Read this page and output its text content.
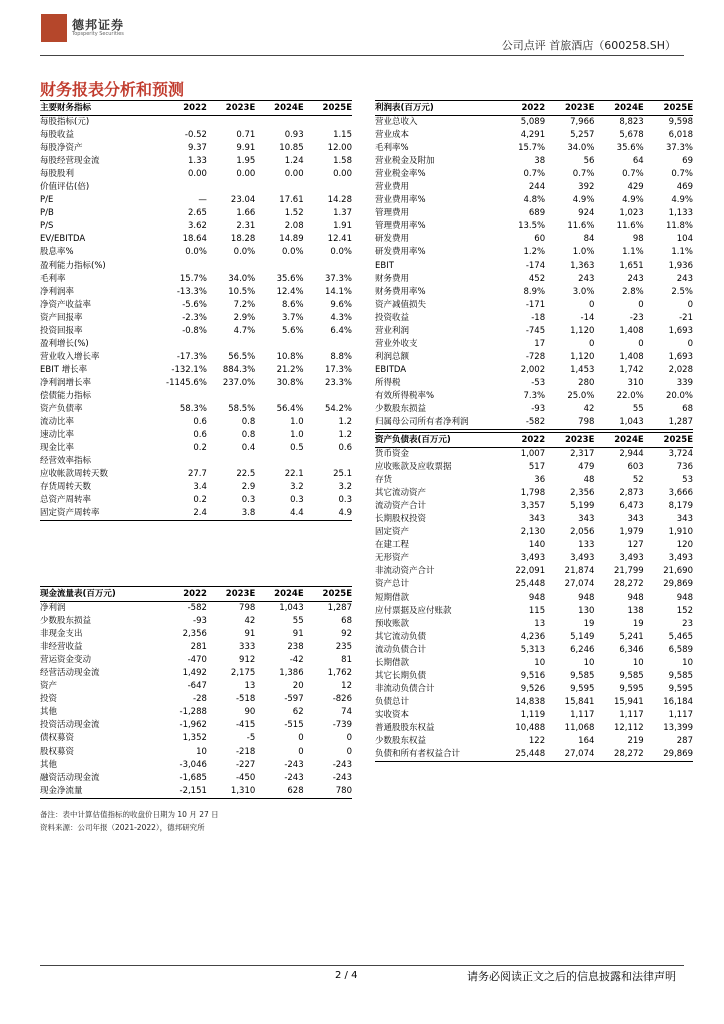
德邦证券
Topsperity Securities
公司点评 首旅酒店（600258.SH）
财务报表分析和预测
主要财务指标	2022	2023E	2024E	2025E
每股指标(元)				
每股收益	-0.52	0.71	0.93	1.15
每股净资产	9.37	9.91	10.85	12.00
每股经营现金流	1.33	1.95	1.24	1.58
每股股利	0.00	0.00	0.00	0.00
价值评估(倍)				
P/E	—	23.04	17.61	14.28
P/B	2.65	1.66	1.52	1.37
P/S	3.62	2.31	2.08	1.91
EV/EBITDA	18.64	18.28	14.89	12.41
股息率%	0.0%	0.0%	0.0%	0.0%
盈利能力指标(%)				
毛利率	15.7%	34.0%	35.6%	37.3%
净利润率	-13.3%	10.5%	12.4%	14.1%
净资产收益率	-5.6%	7.2%	8.6%	9.6%
资产回报率	-2.3%	2.9%	3.7%	4.3%
投资回报率	-0.8%	4.7%	5.6%	6.4%
盈利增长(%)				
营业收入增长率	-17.3%	56.5%	10.8%	8.8%
EBIT 增长率	-132.1%	884.3%	21.2%	17.3%
净利润增长率	-1145.6%	237.0%	30.8%	23.3%
偿债能力指标				
资产负债率	58.3%	58.5%	56.4%	54.2%
流动比率	0.6	0.8	1.0	1.2
速动比率	0.6	0.8	1.0	1.2
现金比率	0.2	0.4	0.5	0.6
经营效率指标				
应收帐款周转天数	27.7	22.5	22.1	25.1
存货周转天数	3.4	2.9	3.2	3.2
总资产周转率	0.2	0.3	0.3	0.3
固定资产周转率	2.4	3.8	4.4	4.9
利润表(百万元)	2022	2023E	2024E	2025E
营业总收入	5,089	7,966	8,823	9,598
营业成本	4,291	5,257	5,678	6,018
毛利率%	15.7%	34.0%	35.6%	37.3%
营业税金及附加	38	56	64	69
营业税金率%	0.7%	0.7%	0.7%	0.7%
营业费用	244	392	429	469
营业费用率%	4.8%	4.9%	4.9%	4.9%
管理费用	689	924	1,023	1,133
管理费用率%	13.5%	11.6%	11.6%	11.8%
研发费用	60	84	98	104
研发费用率%	1.2%	1.0%	1.1%	1.1%
EBIT	-174	1,363	1,651	1,936
财务费用	452	243	243	243
财务费用率%	8.9%	3.0%	2.8%	2.5%
资产减值损失	-171	0	0	0
投资收益	-18	-14	-23	-21
营业利润	-745	1,120	1,408	1,693
营业外收支	17	0	0	0
利润总额	-728	1,120	1,408	1,693
EBITDA	2,002	1,453	1,742	2,028
所得税	-53	280	310	339
有效所得税率%	7.3%	25.0%	22.0%	20.0%
少数股东损益	-93	42	55	68
归属母公司所有者净利润	-582	798	1,043	1,287
资产负债表(百万元)	2022	2023E	2024E	2025E
货币资金	1,007	2,317	2,944	3,724
应收账款及应收票据	517	479	603	736
存货	36	48	52	53
其它流动资产	1,798	2,356	2,873	3,666
流动资产合计	3,357	5,199	6,473	8,179
长期股权投资	343	343	343	343
固定资产	2,130	2,056	1,979	1,910
在建工程	140	133	127	120
无形资产	3,493	3,493	3,493	3,493
非流动资产合计	22,091	21,874	21,799	21,690
资产总计	25,448	27,074	28,272	29,869
短期借款	948	948	948	948
应付票据及应付账款	115	130	138	152
预收账款	13	19	19	23
其它流动负债	4,236	5,149	5,241	5,465
流动负债合计	5,313	6,246	6,346	6,589
长期借款	10	10	10	10
其它长期负债	9,516	9,585	9,585	9,585
非流动负债合计	9,526	9,595	9,595	9,595
负债总计	14,838	15,841	15,941	16,184
实收资本	1,119	1,117	1,117	1,117
普通股股东权益	10,488	11,068	12,112	13,399
少数股东权益	122	164	219	287
负债和所有者权益合计	25,448	27,074	28,272	29,869
现金流量表(百万元)	2022	2023E	2024E	2025E
净利润	-582	798	1,043	1,287
少数股东损益	-93	42	55	68
非现金支出	2,356	91	91	92
非经营收益	281	333	238	235
营运资金变动	-470	912	-42	81
经营活动现金流	1,492	2,175	1,386	1,762
资产	-647	13	20	12
投资	-28	-518	-597	-826
其他	-1,288	90	62	74
投资活动现金流	-1,962	-415	-515	-739
债权募资	1,352	-5	0	0
股权募资	10	-218	0	0
其他	-3,046	-227	-243	-243
融资活动现金流	-1,685	-450	-243	-243
现金净流量	-2,151	1,310	628	780
备注：表中计算估值指标的收盘价日期为 10 月 27 日
资料来源：公司年报（2021-2022），德邦研究所
2 / 4	请务必阅读正文之后的信息披露和法律声明
